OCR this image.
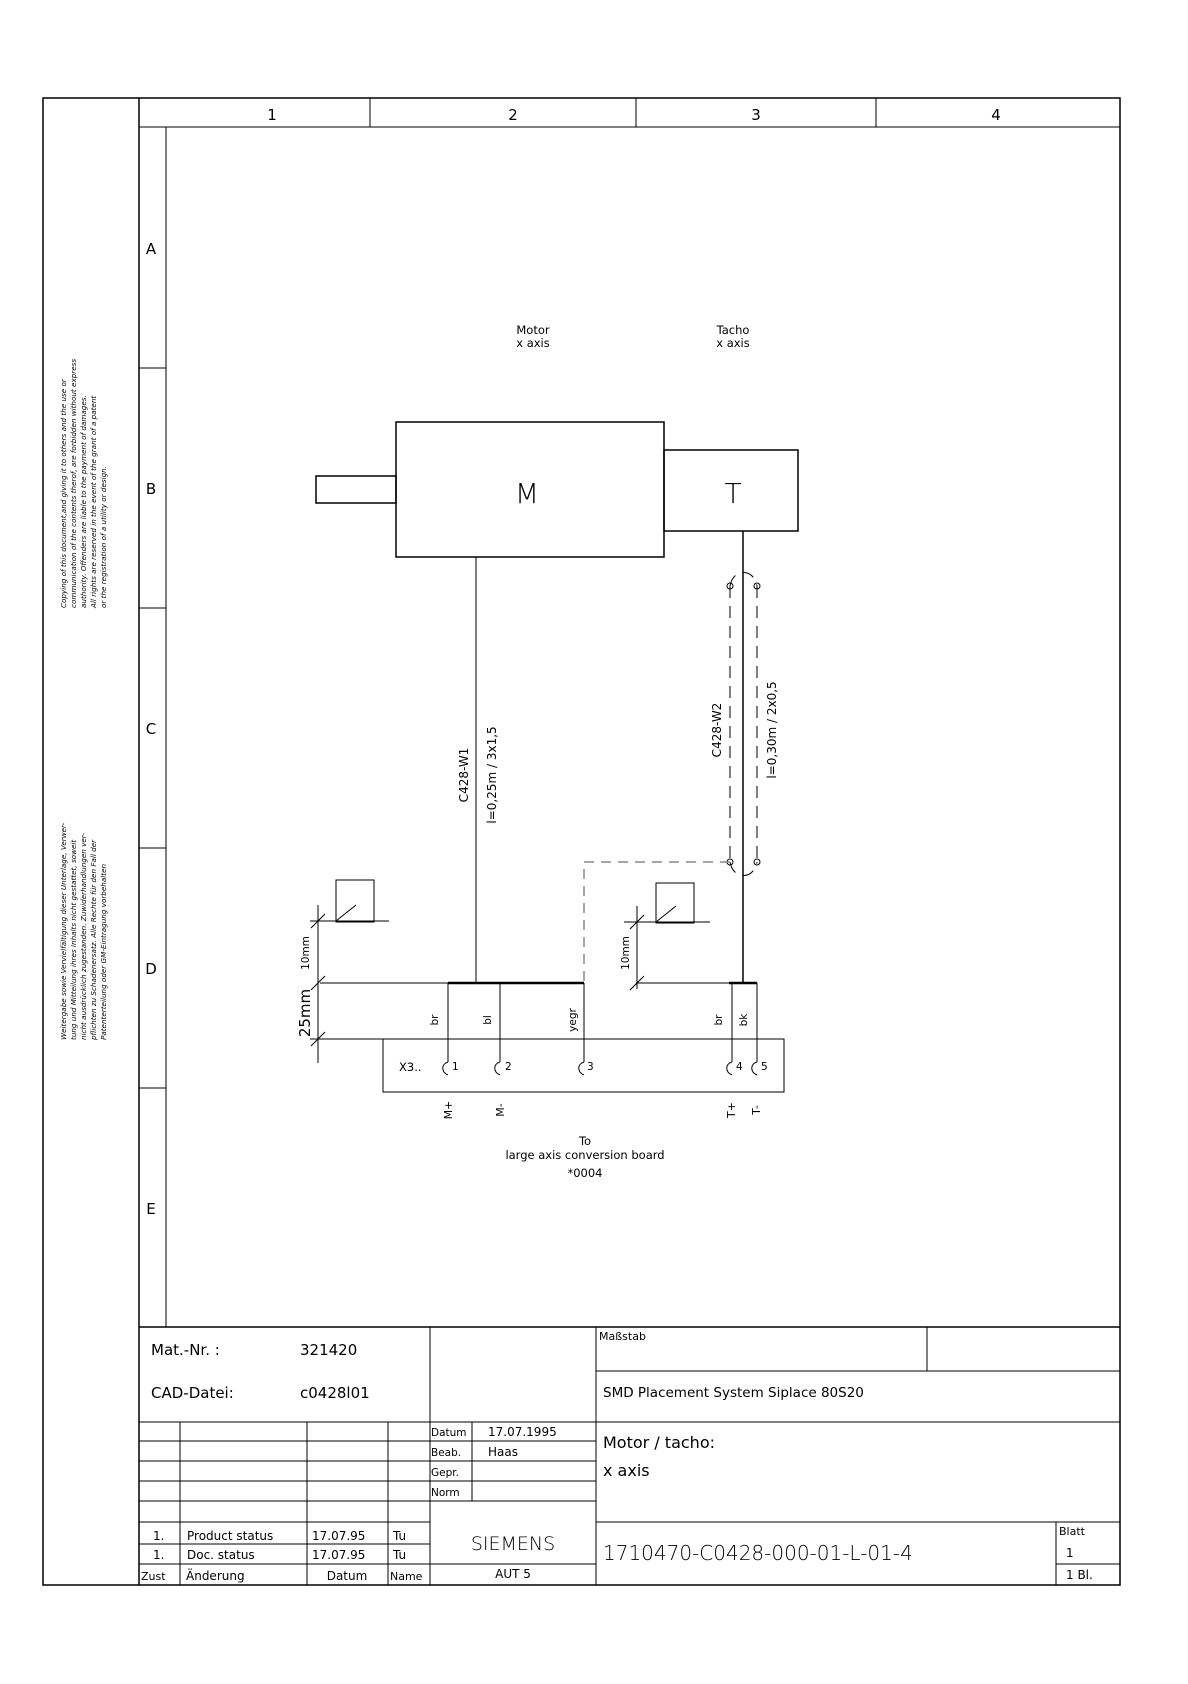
1	2	3	4
A
B
C
D
E
Copying of this document,and giving it to others and the use or communication of the contents therof, are forbidden without express authority. Offenders are liable to the payment of damages. All rights are reserved in the event of the grant of a patent or the registration of a utility or design.
Weitergabe sowie Vervielfältigung dieser Unterlage, Verwer- tung und Mitteilung ihres Inhalts nicht gestattet, soweit nicht ausdrücklich zugestanden. Zuwiderhandlungen ver- pflichten zu Schadenersatz. Alle Rechte für den Fall der Patenterteilung oder GM-Eintragung vorbehalten
Motor
x axis
Tacho
x axis
M	T
C428-W1 l=0,25m / 3x1,5	C428-W2	l=0,30m / 2x0,5
br	bl	yegr	br bk
X3..	1	2	3	4 5
M+	M-	T+ T-
To
large axis conversion board
*0004
10mm
25mm
10mm
Mat.-Nr. :	321420
CAD-Datei:	c0428l01
Maßstab
SMD Placement System Siplace 80S20
Datum 17.07.1995
Beab. Haas
Gepr.
Norm
Motor / tacho:
x axis
1. Product status	17.07.95 Tu
1. Doc. status	17.07.95 Tu
Zust Änderung	Datum Name
SIEMENS
AUT 5
1710470-C0428-000-01-L-01-4
Blatt
1
1 Bl.
